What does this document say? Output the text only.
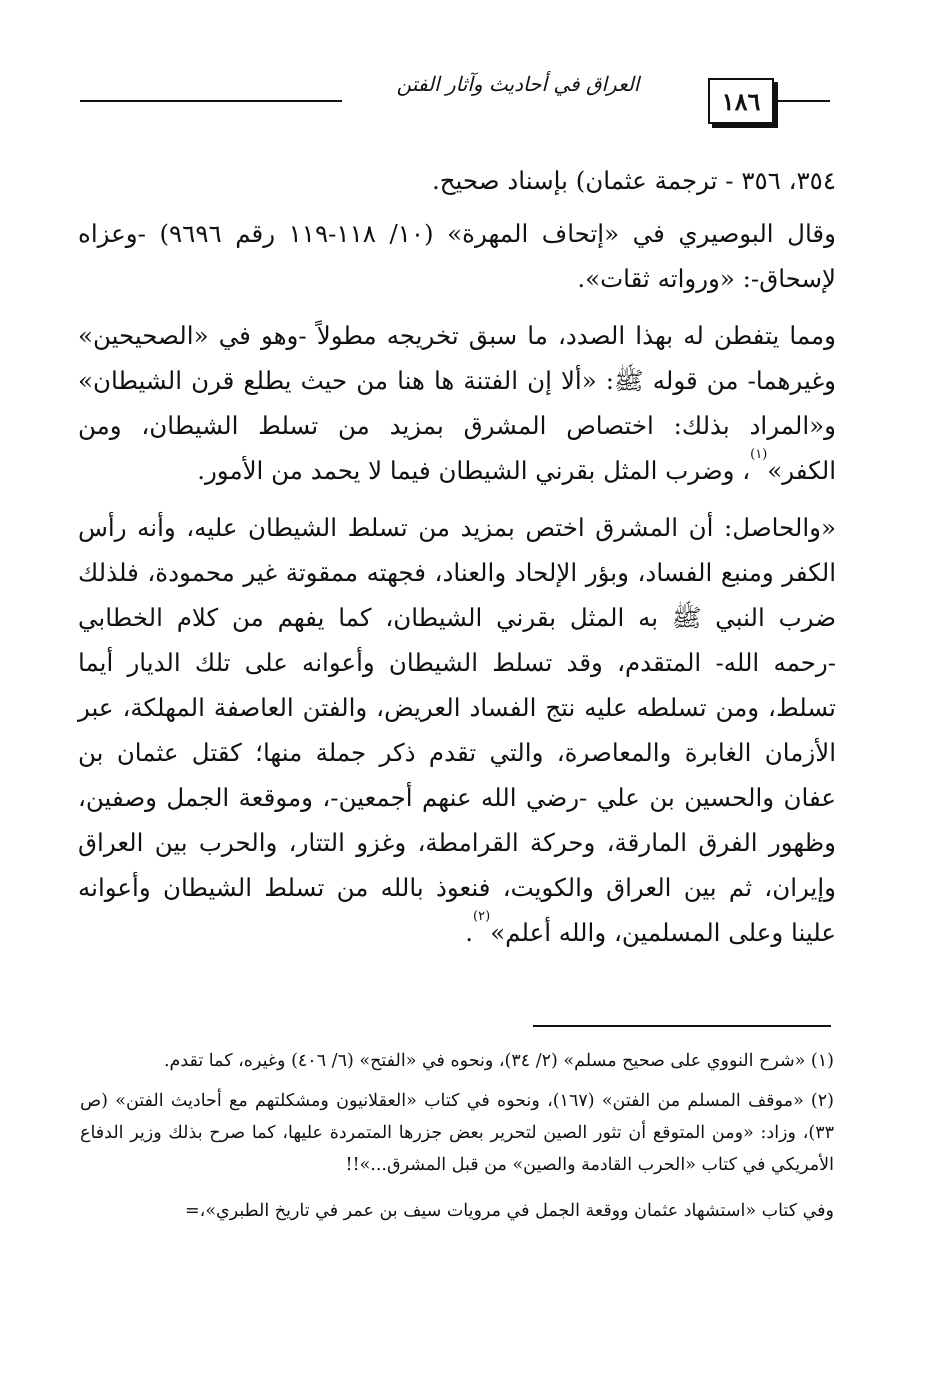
العراق في أحاديث وآثار الفتن
١٨٦

٣٥٤، ٣٥٦ - ترجمة عثمان) بإسناد صحيح.

وقال البوصيري في «إتحاف المهرة» (١٠/ ١١٨-١١٩ رقم ٩٦٩٦) -وعزاه لإسحاق-: «ورواته ثقات».

ومما يتفطن له بهذا الصدد، ما سبق تخريجه مطولاً -وهو في «الصحيحين» وغيرهما- من قوله ﷺ: «ألا إن الفتنة ها هنا من حيث يطلع قرن الشيطان» و«المراد بذلك: اختصاص المشرق بمزيد من تسلط الشيطان، ومن الكفر»$^{(١)}$، وضرب المثل بقرني الشيطان فيما لا يحمد من الأمور.

«والحاصل: أن المشرق اختص بمزيد من تسلط الشيطان عليه، وأنه رأس الكفر ومنبع الفساد، وبؤر الإلحاد والعناد، فجهته ممقوتة غير محمودة، فلذلك ضرب النبي ﷺ به المثل بقرني الشيطان، كما يفهم من كلام الخطابي -رحمه الله- المتقدم، وقد تسلط الشيطان وأعوانه على تلك الديار أيما تسلط، ومن تسلطه عليه نتج الفساد العريض، والفتن العاصفة المهلكة، عبر الأزمان الغابرة والمعاصرة، والتي تقدم ذكر جملة منها؛ كقتل عثمان بن عفان والحسين بن علي -رضي الله عنهم أجمعين-، وموقعة الجمل وصفين، وظهور الفرق المارقة، وحركة القرامطة، وغزو التتار، والحرب بين العراق وإيران، ثم بين العراق والكويت، فنعوذ بالله من تسلط الشيطان وأعوانه علينا وعلى المسلمين، والله أعلم»$^{(٢)}$.

(١) «شرح النووي على صحيح مسلم» (٢/ ٣٤)، ونحوه في «الفتح» (٦/ ٤٠٦) وغيره، كما تقدم.

(٢) «موقف المسلم من الفتن» (١٦٧)، ونحوه في كتاب «العقلانيون ومشكلتهم مع أحاديث الفتن» (ص ٣٣)، وزاد: «ومن المتوقع أن تثور الصين لتحرير بعض جزرها المتمردة عليها، كما صرح بذلك وزير الدفاع الأمريكي في كتاب «الحرب القادمة والصين» من قبل المشرق...»!!

وفي كتاب «استشهاد عثمان ووقعة الجمل في مرويات سيف بن عمر في تاريخ الطبري»،=
